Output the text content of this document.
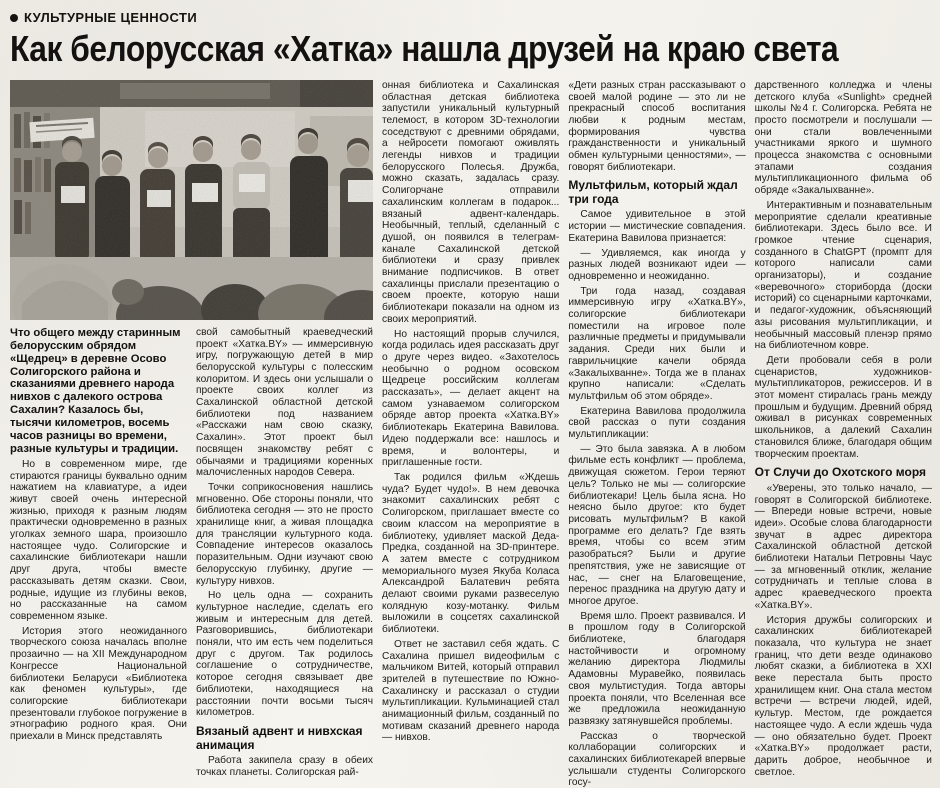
КУЛЬТУРНЫЕ ЦЕННОСТИ
Как белорусская «Хатка» нашла друзей на краю света

Что общего между старинным белорусским обрядом «Щедрец» в деревне Осово Солигорского района и сказаниями древнего народа нивхов с далекого острова Сахалин? Казалось бы, тысячи километров, восемь часов разницы во времени, разные культуры и традиции.

Но в современном мире, где стираются границы буквально одним нажатием на клавиатуре, а идеи живут своей очень интересной жизнью, приходя к разным людям практически одновременно в разных уголках земного шара, произошло настоящее чудо. Солигорские и сахалинские библиотекари нашли друг друга, чтобы вместе рассказывать детям сказки. Свои, родные, идущие из глубины веков, но рассказанные на самом современном языке.

История этого неожиданного творческого союза началась вполне прозаично — на XII Международном Конгрессе Национальной библиотеки Беларуси «Библиотека как феномен культуры», где солигорские библиотекари презентовали глубокое погружение в этнографию родного края. Они приехали в Минск представлять

свой самобытный краеведческий проект «Хатка.BY» — иммерсивную игру, погружающую детей в мир белорусской культуры с полесским колоритом. И здесь они услышали о проекте своих коллег из Сахалинской областной детской библиотеки под названием «Расскажи нам свою сказку, Сахалин». Этот проект был посвящен знакомству ребят с обычаями и традициями коренных малочисленных народов Севера.

Точки соприкосновения нашлись мгновенно. Обе стороны поняли, что библиотека сегодня — это не просто хранилище книг, а живая площадка для трансляции культурного кода. Совпадение интересов оказалось поразительным. Одни изучают свою белорусскую глубинку, другие — культуру нивхов.

Но цель одна — сохранить культурное наследие, сделать его живым и интересным для детей. Разговорившись, библиотекари поняли, что им есть чем поделиться друг с другом. Так родилось соглашение о сотрудничестве, которое сегодня связывает две библиотеки, находящиеся на расстоянии почти восьми тысяч километров.

Вязаный адвент и нивхская анимация

Работа закипела сразу в обеих точках планеты. Солигорская рай-

онная библиотека и Сахалинская областная детская библиотека запустили уникальный культурный телемост, в котором 3D-технологии соседствуют с древними обрядами, а нейросети помогают оживлять легенды нивхов и традиции белорусского Полесья. Дружба, можно сказать, задалась сразу. Солигорчане отправили сахалинским коллегам в подарок... вязаный адвент-календарь. Необычный, теплый, сделанный с душой, он появился в телеграм-канале Сахалинской детской библиотеки и сразу привлек внимание подписчиков. В ответ сахалинцы прислали презентацию о своем проекте, которую наши библиотекари показали на одном из своих мероприятий.

Но настоящий прорыв случился, когда родилась идея рассказать друг о друге через видео. «Захотелось необычно о родном осовском Щедреце российским коллегам рассказать», — делает акцент на самом узнаваемом солигорском обряде автор проекта «Хатка.BY» библиотекарь Екатерина Вавилова. Идею поддержали все: нашлось и время, и волонтеры, и приглашенные гости.

Так родился фильм «Ждешь чуда? Будет чудо!». В нем девочка знакомит сахалинских ребят с Солигорском, приглашает вместе со своим классом на мероприятие в библиотеку, удивляет маской Деда-Предка, созданной на 3D-принтере. А затем вместе с сотрудником мемориального музея Якуба Коласа Александрой Балатевич ребята делают своими руками развеселую колядную козу-мотанку. Фильм выложили в соцсетях сахалинской библиотеки.

Ответ не заставил себя ждать. С Сахалина пришел видеофильм с мальчиком Витей, который отправил зрителей в путешествие по Южно-Сахалинску и рассказал о студии мультипликации. Кульминацией стал анимационный фильм, созданный по мотивам сказаний древнего народа — нивхов.

«Дети разных стран рассказывают о своей малой родине — это ли не прекрасный способ воспитания любви к родным местам, формирования чувства гражданственности и уникальный обмен культурными ценностями», — говорят библиотекари.

Мультфильм, который ждал три года

Самое удивительное в этой истории — мистические совпадения. Екатерина Вавилова признается:

— Удивляемся, как иногда у разных людей возникают идеи — одновременно и неожиданно.

Три года назад, создавая иммерсивную игру «Хатка.BY», солигорские библиотекари поместили на игровое поле различные предметы и придумывали задания. Среди них были и гаврильчицкие качели обряда «Закалыхванне». Тогда же в планах крупно написали: «Сделать мультфильм об этом обряде».

Екатерина Вавилова продолжила свой рассказ о пути создания мультипликации:

— Это была завязка. А в любом фильме есть конфликт — проблема, движущая сюжетом. Герои теряют цель? Только не мы — солигорские библиотекари! Цель была ясна. Но неясно было другое: кто будет рисовать мультфильм? В какой программе его делать? Где взять время, чтобы со всем этим разобраться? Были и другие препятствия, уже не зависящие от нас, — снег на Благовещение, перенос праздника на другую дату и многое другое.

Время шло. Проект развивался. И в прошлом году в Солигорской библиотеке, благодаря настойчивости и огромному желанию директора Людмилы Адамовны Муравейко, появилась своя мультистудия. Тогда авторы проекта поняли, что Вселенная все же предложила неожиданную развязку затянувшейся проблемы.

Рассказ о творческой коллаборации солигорских и сахалинских библиотекарей впервые услышали студенты Солигорского госу-

дарственного колледжа и члены детского клуба «Sunlight» средней школы №4 г. Солигорска. Ребята не просто посмотрели и послушали — они стали вовлеченными участниками яркого и шумного процесса знакомства с основными этапами создания мультипликационного фильма об обряде «Закалыхванне».

Интерактивным и познавательным мероприятие сделали креативные библиотекари. Здесь было все. И громкое чтение сценария, созданного в ChatGPT (промпт для которого написали сами организаторы), и создание «веревочного» сториборда (доски историй) со сценарными карточками, и педагог-художник, объясняющий азы рисования мультипликации, и необычный массовый пленэр прямо на библиотечном ковре.

Дети пробовали себя в роли сценаристов, художников-мультипликаторов, режиссеров. И в этот момент стиралась грань между прошлым и будущим. Древний обряд оживал в рисунках современных школьников, а далекий Сахалин становился ближе, благодаря общим творческим проектам.

От Случи до Охотского моря

«Уверены, это только начало, — говорят в Солигорской библиотеке. — Впереди новые встречи, новые идеи». Особые слова благодарности звучат в адрес директора Сахалинской областной детской библиотеки Натальи Петровны Чаус — за мгновенный отклик, желание сотрудничать и теплые слова в адрес краеведческого проекта «Хатка.BY».

История дружбы солигорских и сахалинских библиотекарей показала, что культура не знает границ, что дети везде одинаково любят сказки, а библиотека в XXI веке перестала быть просто хранилищем книг. Она стала местом встречи — встречи людей, идей, культур. Местом, где рождается настоящее чудо. А если ждешь чуда — оно обязательно будет. Проект «Хатка.BY» продолжает расти, дарить доброе, необычное и светлое.
